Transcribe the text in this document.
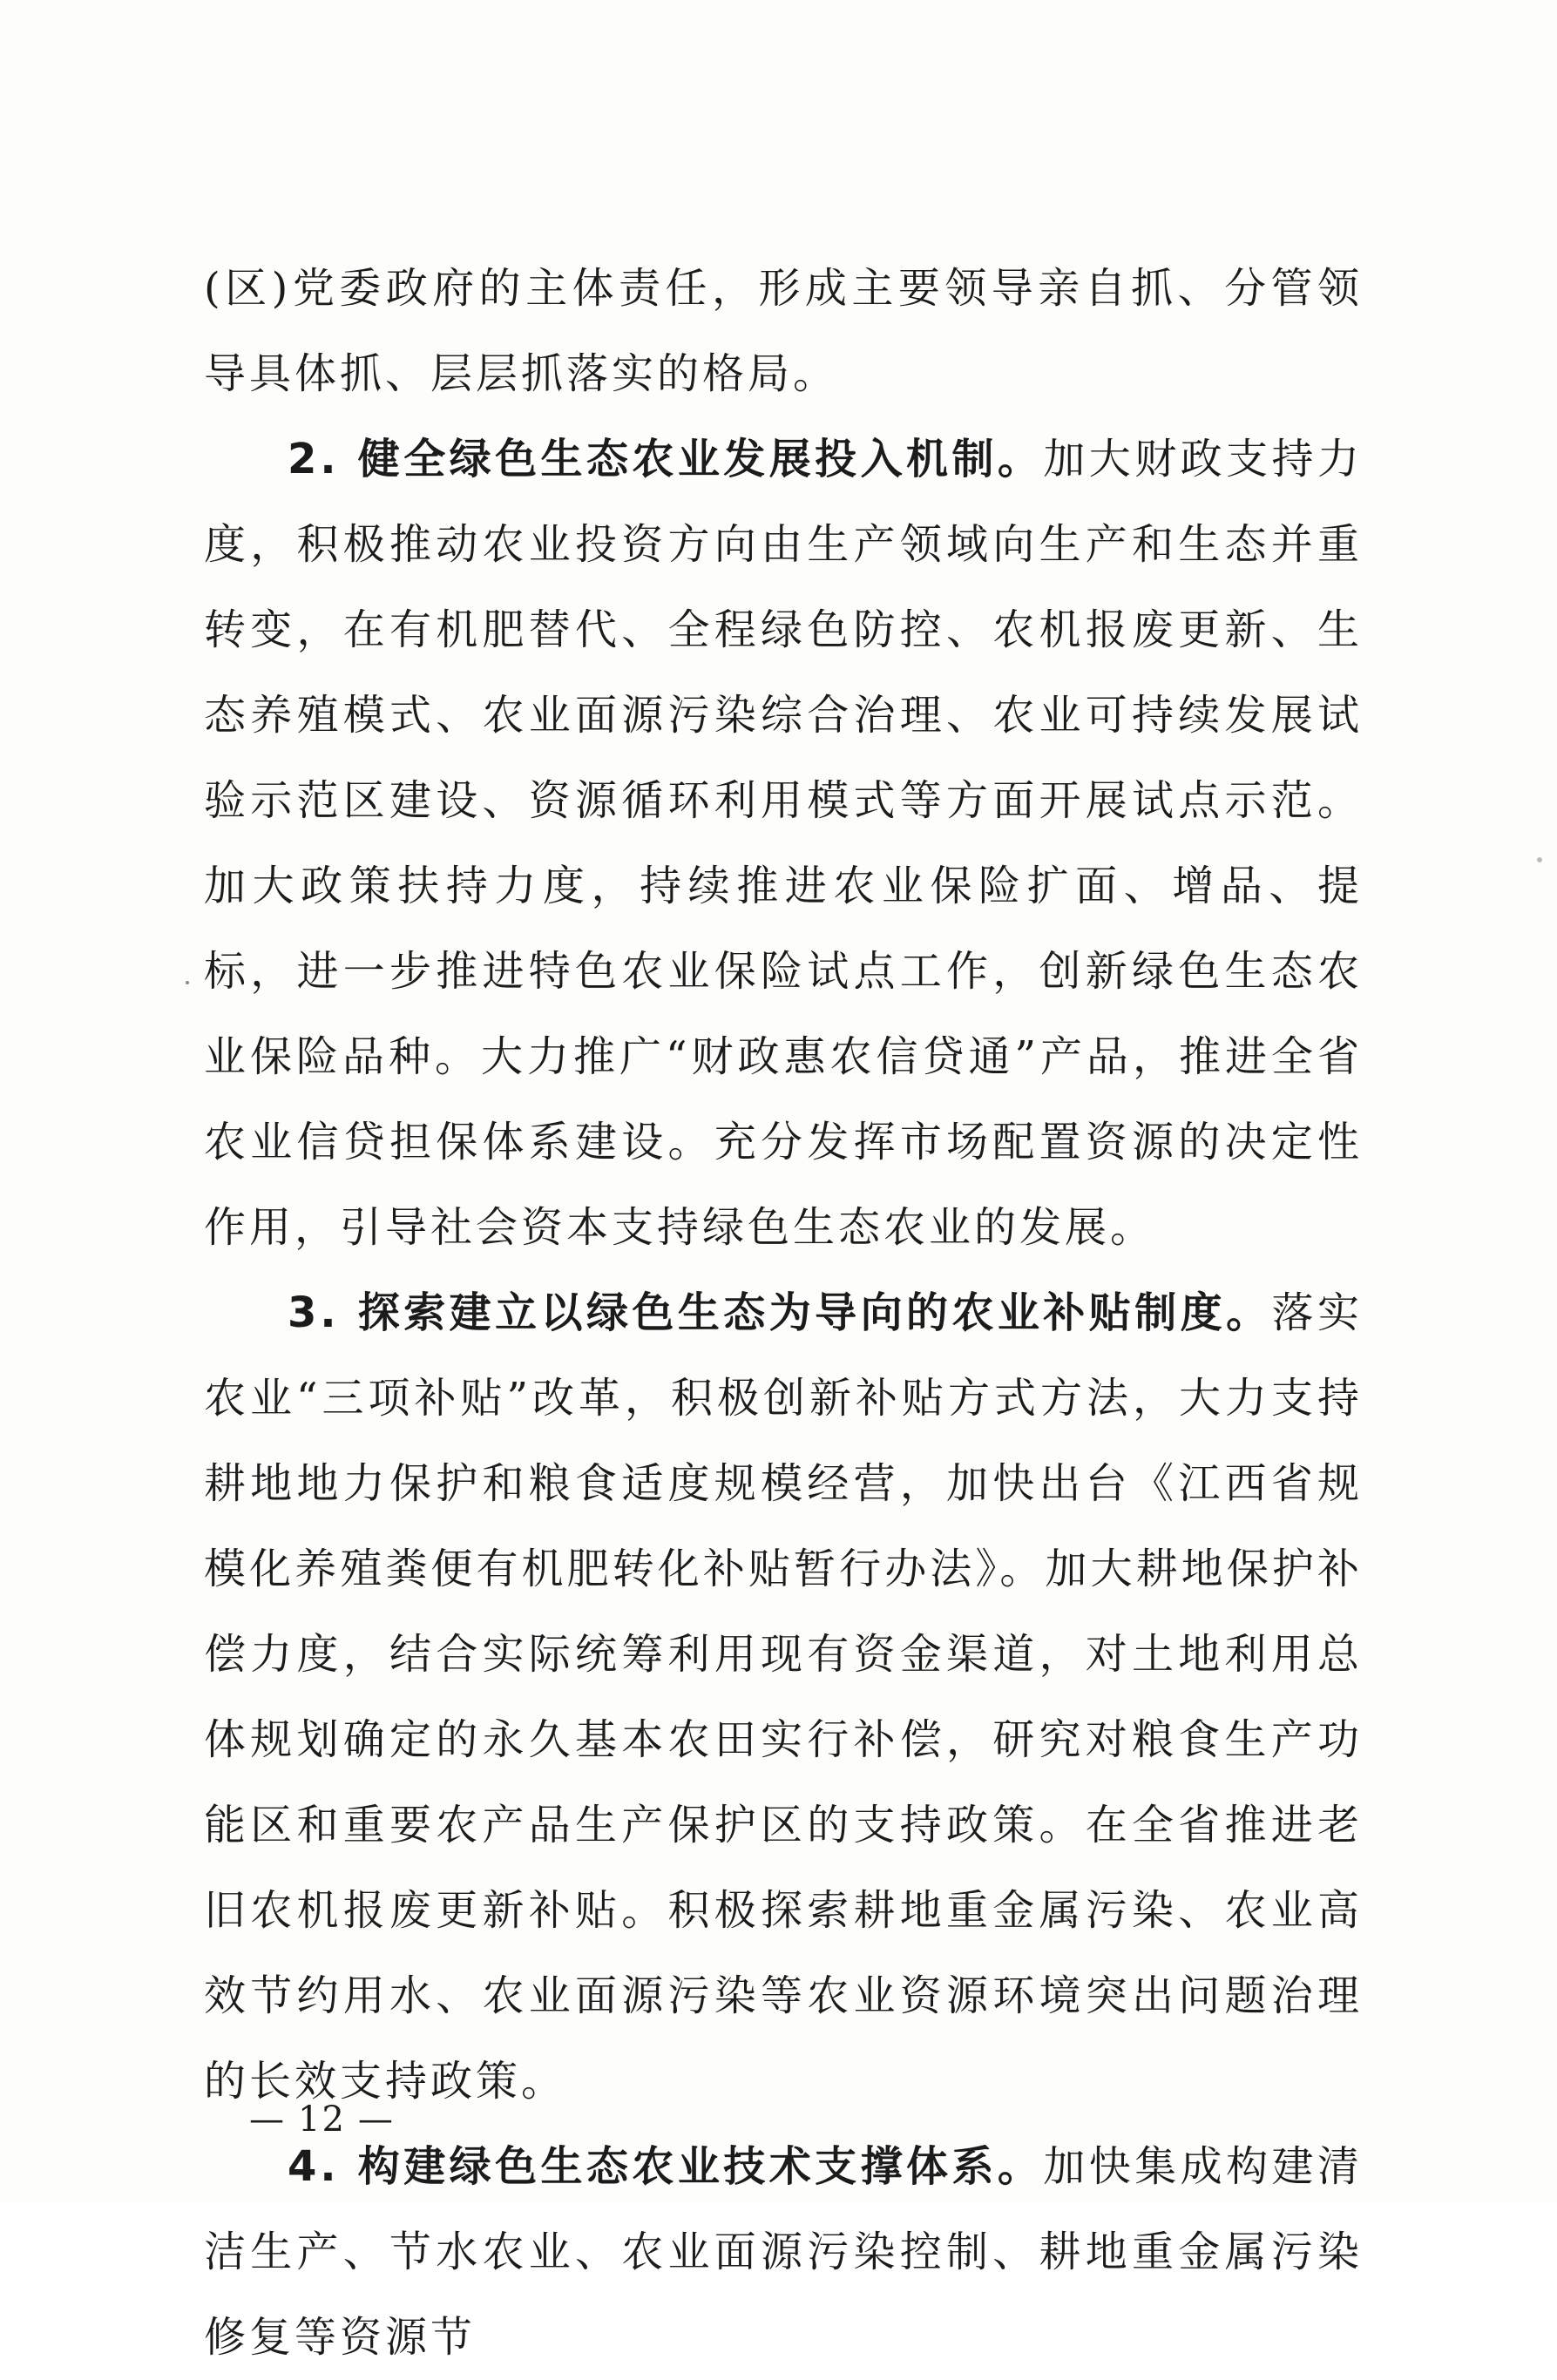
(区)党委政府的主体责任，形成主要领导亲自抓、分管领导具体抓、层层抓落实的格局。

2. 健全绿色生态农业发展投入机制。加大财政支持力度，积极推动农业投资方向由生产领域向生产和生态并重转变，在有机肥替代、全程绿色防控、农机报废更新、生态养殖模式、农业面源污染综合治理、农业可持续发展试验示范区建设、资源循环利用模式等方面开展试点示范。加大政策扶持力度，持续推进农业保险扩面、增品、提标，进一步推进特色农业保险试点工作，创新绿色生态农业保险品种。大力推广“财政惠农信贷通”产品，推进全省农业信贷担保体系建设。充分发挥市场配置资源的决定性作用，引导社会资本支持绿色生态农业的发展。

3. 探索建立以绿色生态为导向的农业补贴制度。落实农业“三项补贴”改革，积极创新补贴方式方法，大力支持耕地地力保护和粮食适度规模经营，加快出台《江西省规模化养殖粪便有机肥转化补贴暂行办法》。加大耕地保护补偿力度，结合实际统筹利用现有资金渠道，对土地利用总体规划确定的永久基本农田实行补偿，研究对粮食生产功能区和重要农产品生产保护区的支持政策。在全省推进老旧农机报废更新补贴。积极探索耕地重金属污染、农业高效节约用水、农业面源污染等农业资源环境突出问题治理的长效支持政策。

4. 构建绿色生态农业技术支撑体系。加快集成构建清洁生产、节水农业、农业面源污染控制、耕地重金属污染修复等资源节

— 12 —
